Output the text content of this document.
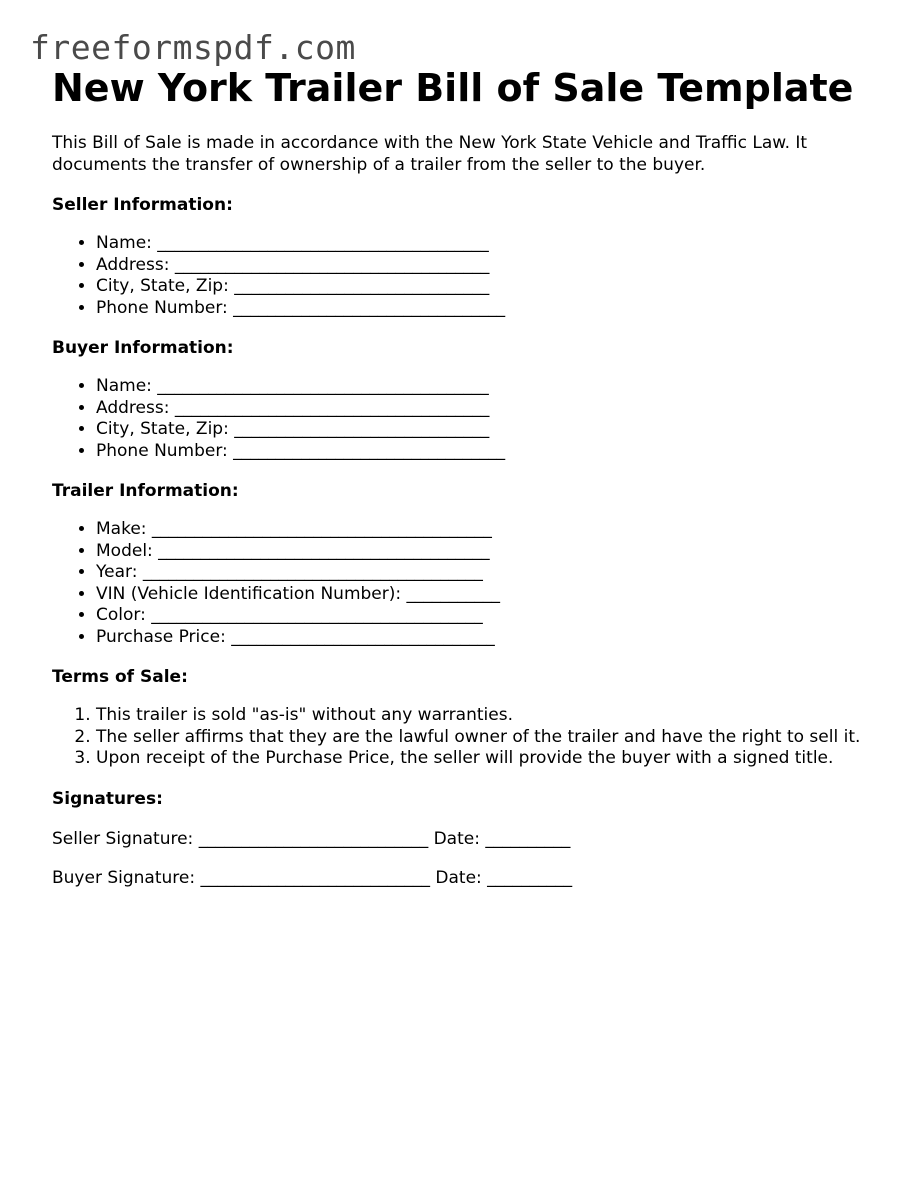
freeformspdf.com
New York Trailer Bill of Sale Template

This Bill of Sale is made in accordance with the New York State Vehicle and Traffic Law. It documents the transfer of ownership of a trailer from the seller to the buyer.

Seller Information:
• Name: _______________________________________
• Address: _____________________________________
• City, State, Zip: ______________________________
• Phone Number: ________________________________
Buyer Information:
• Name: _______________________________________
• Address: _____________________________________
• City, State, Zip: ______________________________
• Phone Number: ________________________________
Trailer Information:
• Make: ________________________________________
• Model: _______________________________________
• Year: ________________________________________
• VIN (Vehicle Identification Number): ___________
• Color: _______________________________________
• Purchase Price: _______________________________
Terms of Sale:
1. This trailer is sold "as-is" without any warranties.
2. The seller affirms that they are the lawful owner of the trailer and have the right to sell it.
3. Upon receipt of the Purchase Price, the seller will provide the buyer with a signed title.
Signatures:

Seller Signature: ___________________________ Date: __________

Buyer Signature: ___________________________ Date: __________
